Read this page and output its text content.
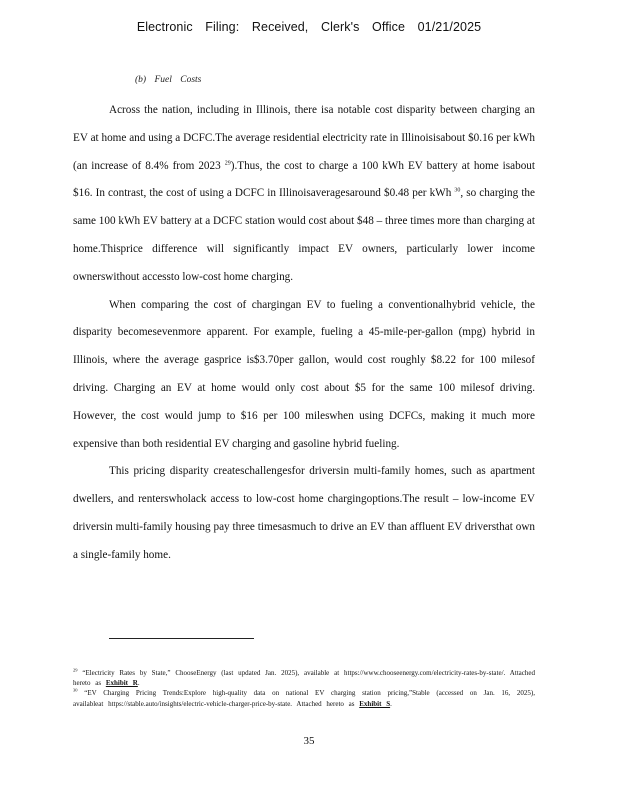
Electronic Filing: Received, Clerk's Office 01/21/2025
(b) Fuel Costs

Across the nation, including in Illinois, there isa notable cost disparity between charging an EV at home and using a DCFC.The average residential electricity rate in Illinoisisabout $0.16 per kWh (an increase of 8.4% from 2023 $^{29}$).Thus, the cost to charge a 100 kWh EV battery at home isabout $16. In contrast, the cost of using a DCFC in Illinoisaveragesaround $0.48 per kWh $^{30}$, so charging the same 100 kWh EV battery at a DCFC station would cost about $48 – three times more than charging at home.Thisprice difference will significantly impact EV owners, particularly lower income ownerswithout accessto low-cost home charging.

When comparing the cost of chargingan EV to fueling a conventionalhybrid vehicle, the disparity becomesevenmore apparent. For example, fueling a 45-mile-per-gallon (mpg) hybrid in Illinois, where the average gasprice is$3.70per gallon, would cost roughly $8.22 for 100 milesof driving. Charging an EV at home would only cost about $5 for the same 100 milesof driving. However, the cost would jump to $16 per 100 mileswhen using DCFCs, making it much more expensive than both residential EV charging and gasoline hybrid fueling.

This pricing disparity createschallengesfor driversin multi-family homes, such as apartment dwellers, and renterswholack access to low-cost home chargingoptions.The result – low-income EV driversin multi-family housing pay three timesasmuch to drive an EV than affluent EV driversthat own a single-family home.

$^{29}$ “Electricity Rates by State,” ChooseEnergy (last updated Jan. 2025), available at https://www.chooseenergy.com/electricity-rates-by-state/. Attached hereto as Exhibit R.

$^{30}$ “EV Charging Pricing Trends:Explore high-quality data on national EV charging station pricing,”Stable (accessed on Jan. 16, 2025), availableat https://stable.auto/insights/electric-vehicle-charger-price-by-state. Attached hereto as Exhibit S.

35
